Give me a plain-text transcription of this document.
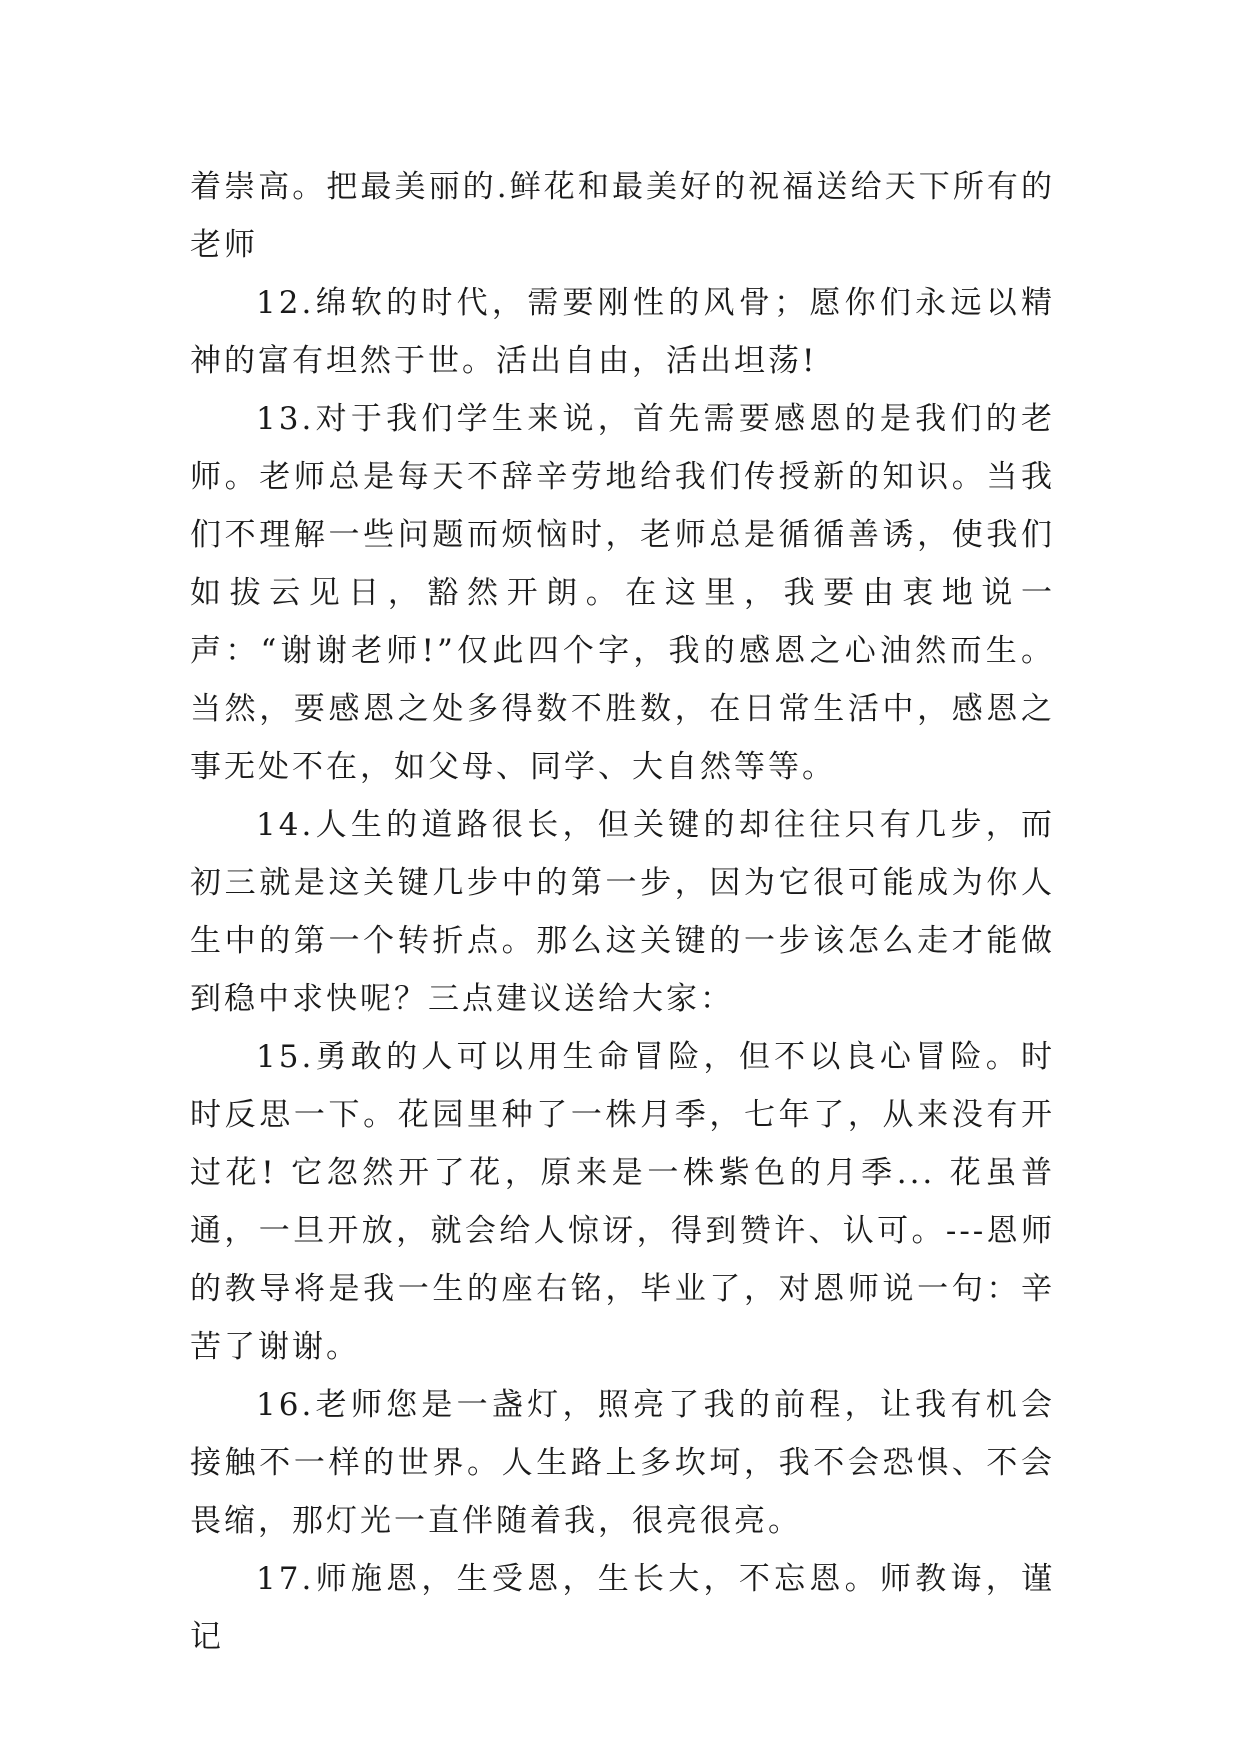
着崇高。把最美丽的.鲜花和最美好的祝福送给天下所有的老师

12.绵软的时代，需要刚性的风骨；愿你们永远以精神的富有坦然于世。活出自由，活出坦荡!

13.对于我们学生来说，首先需要感恩的是我们的老师。老师总是每天不辞辛劳地给我们传授新的知识。当我们不理解一些问题而烦恼时，老师总是循循善诱，使我们如拔云见日，豁然开朗。在这里，我要由衷地说一声：“谢谢老师!”仅此四个字，我的感恩之心油然而生。当然，要感恩之处多得数不胜数，在日常生活中，感恩之事无处不在，如父母、同学、大自然等等。

14.人生的道路很长，但关键的却往往只有几步，而初三就是这关键几步中的第一步，因为它很可能成为你人生中的第一个转折点。那么这关键的一步该怎么走才能做到稳中求快呢？三点建议送给大家：

15.勇敢的人可以用生命冒险，但不以良心冒险。时时反思一下。花园里种了一株月季，七年了，从来没有开过花! 它忽然开了花，原来是一株紫色的月季... 花虽普通，一旦开放，就会给人惊讶，得到赞许、认可。---恩师的教导将是我一生的座右铭，毕业了，对恩师说一句：辛苦了谢谢。

16.老师您是一盏灯，照亮了我的前程，让我有机会接触不一样的世界。人生路上多坎坷，我不会恐惧、不会畏缩，那灯光一直伴随着我，很亮很亮。

17.师施恩，生受恩，生长大，不忘恩。师教诲，谨记
